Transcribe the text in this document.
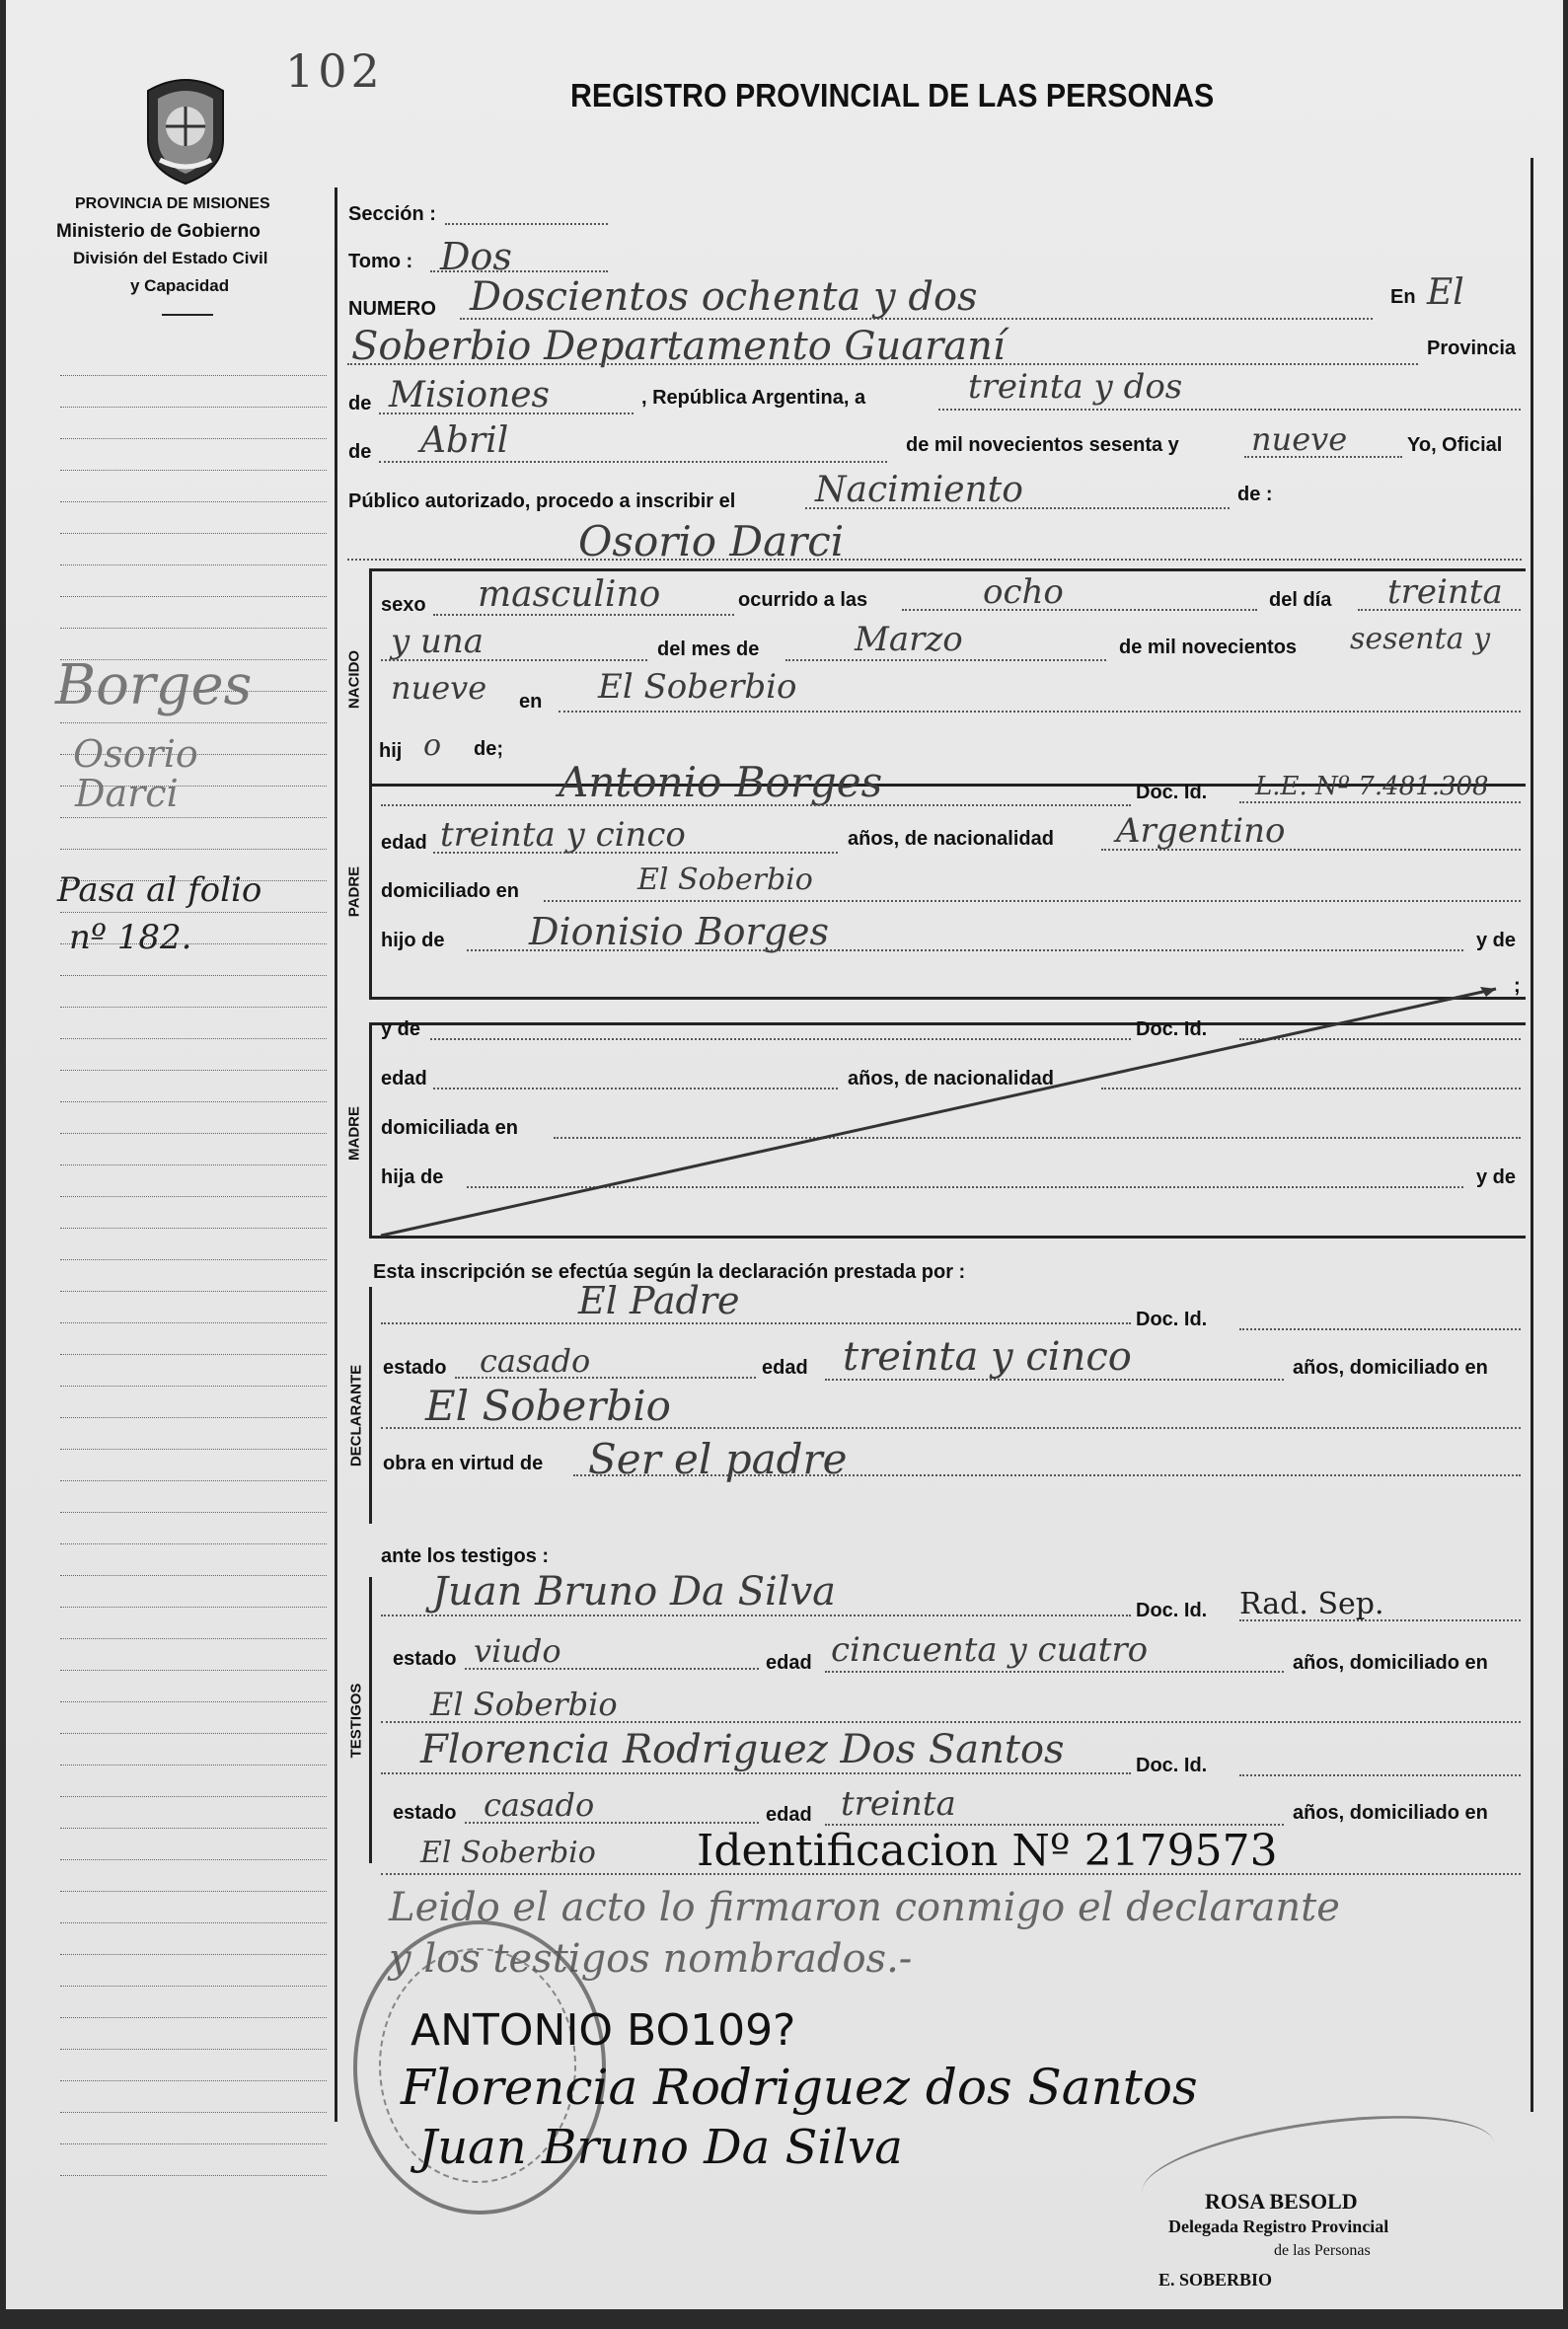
102	REGISTRO PROVINCIAL DE LAS PERSONAS
PROVINCIA DE MISIONES
Ministerio de Gobierno
División del Estado Civil
y Capacidad
Borges
Osorio
Darci
Pasa al folio
nº 182.
Sección :
Tomo : Dos
NUMERO Doscientos ochenta y dos	En El
Soberbio Departamento Guaraní	Provincia
de Misiones	, República Argentina, a	treinta y dos
de Abril	de mil novecientos sesenta y nueve	Yo, Oficial
Público autorizado, procedo a inscribir el Nacimiento	de :
Osorio Darci
NACIDO
sexo masculino	ocurrido a las	ocho	del día treinta
y una	del mes de	Marzo	de mil novecientos sesenta y
nueve en El Soberbio
hij o de;
PADRE
Antonio Borges	Doc. Id. L.E. Nº 7.481.308
edad treinta y cinco	años, de nacionalidad Argentino
domiciliado en	El Soberbio
hijo de Dionisio Borges	y de
;
MADRE
y de	Doc. Id.
edad	años, de nacionalidad
domiciliada en
hija de	y de
Esta inscripción se efectúa según la declaración prestada por :
DECLARANTE
El Padre	Doc. Id.
estado casado	edad treinta y cinco	años, domiciliado en
El Soberbio
obra en virtud de Ser el padre
ante los testigos :
TESTIGOS
Juan Bruno Da Silva	Doc. Id. Rad. Sep.
estado viudo	edad cincuenta y cuatro	años, domiciliado en
El Soberbio
Florencia Rodriguez Dos Santos	Doc. Id.
estado casado	edad treinta	años, domiciliado en
El Soberbio Identificacion Nº 2179573
Leido el acto lo firmaron conmigo el declarante
y los testigos nombrados.-
ANTONIO BO109?
Florencia Rodriguez dos Santos
Juan Bruno Da Silva
ROSA BESOLD
Delegada Registro Provincial
de las Personas
E. SOBERBIO
